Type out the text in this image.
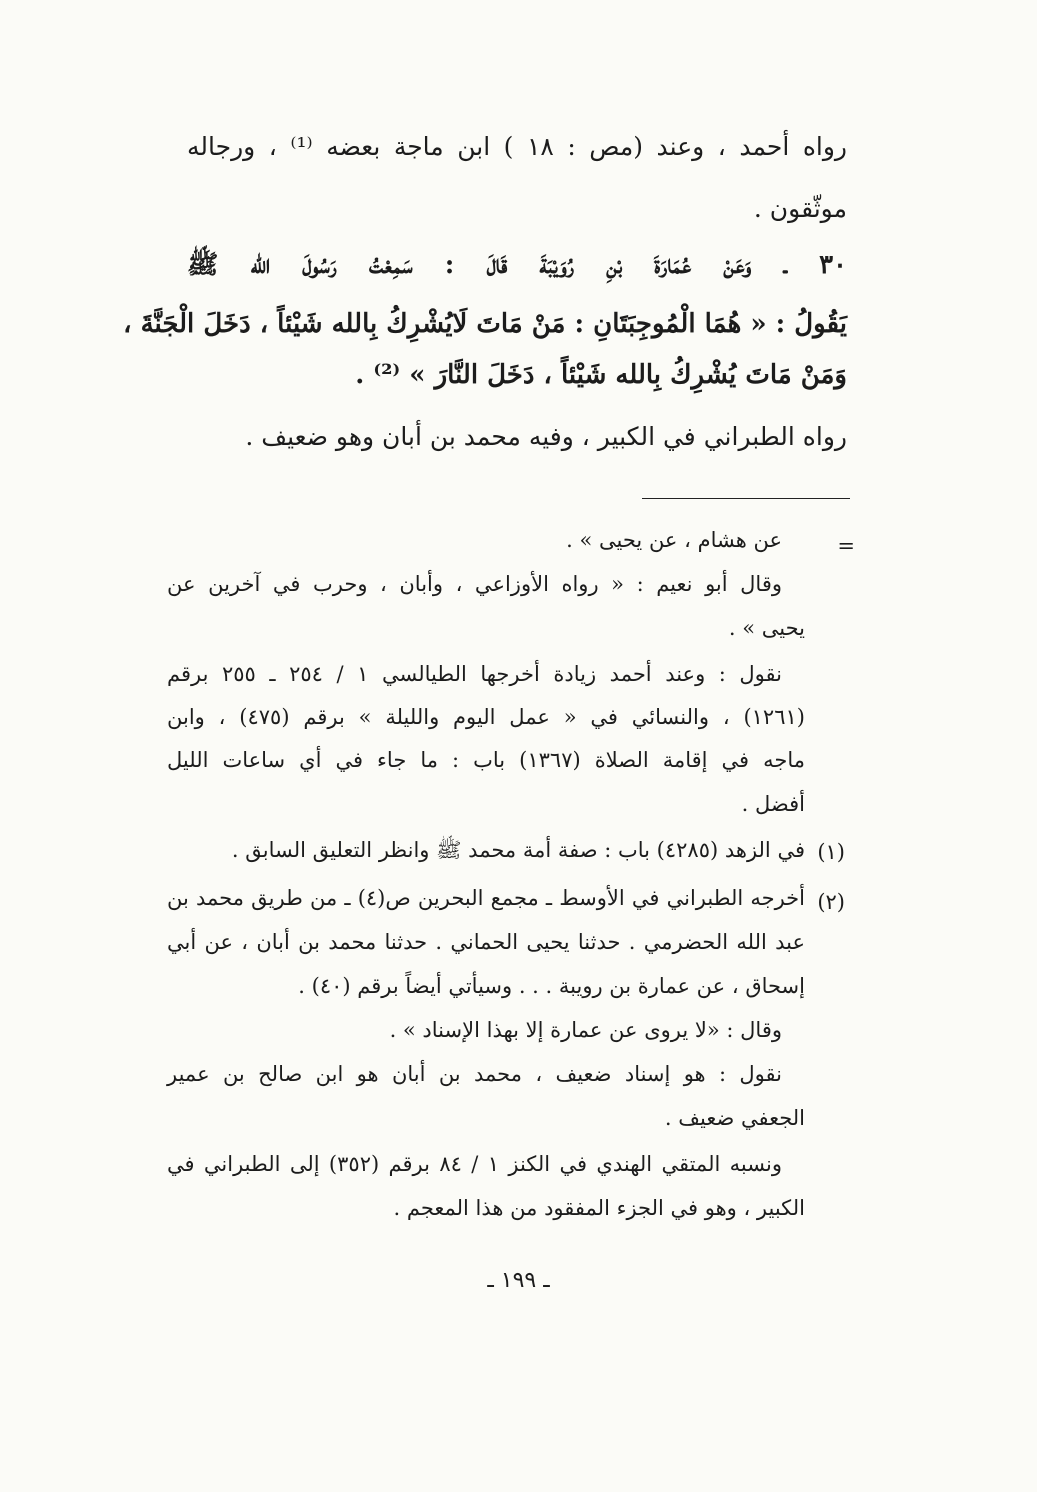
رواه أحمد ، وعند (مص : ١٨ ) ابن ماجة بعضه ⁽¹⁾ ، ورجاله

موثّقون .

٣٠ ـ وَعَنْ عُمَارَةَ بْنِ رُوَيْبَةَ قَالَ : سَمِعْتُ رَسُولَ الله ﷺ

يَقُولُ : « هُمَا الْمُوجِبَتَانِ : مَنْ مَاتَ لَايُشْرِكُ بِالله شَيْئاً ، دَخَلَ الْجَنَّةَ ،

وَمَنْ مَاتَ يُشْرِكُ بِالله شَيْئاً ، دَخَلَ النَّارَ » ⁽²⁾ .

رواه الطبراني في الكبير ، وفيه محمد بن أبان وهو ضعيف .

=

عن هشام ، عن يحيى » .

وقال أبو نعيم : « رواه الأوزاعي ، وأبان ، وحرب في آخرين عن

يحيى » .

نقول : وعند أحمد زيادة أخرجها الطيالسي ١ / ٢٥٤ ـ ٢٥٥ برقم

(١٢٦١) ، والنسائي في « عمل اليوم والليلة » برقم (٤٧٥) ، وابن

ماجه في إقامة الصلاة (١٣٦٧) باب : ما جاء في أي ساعات الليل

أفضل .

(١)

في الزهد (٤٢٨٥) باب : صفة أمة محمد ﷺ وانظر التعليق السابق .

(٢)

أخرجه الطبراني في الأوسط ـ مجمع البحرين ص(٤) ـ من طريق محمد بن

عبد الله الحضرمي . حدثنا يحيى الحماني . حدثنا محمد بن أبان ، عن أبي

إسحاق ، عن عمارة بن رويبة . . . وسيأتي أيضاً برقم (٤٠) .

وقال : «لا يروى عن عمارة إلا بهذا الإسناد » .

نقول : هو إسناد ضعيف ، محمد بن أبان هو ابن صالح بن عمير

الجعفي ضعيف .

ونسبه المتقي الهندي في الكنز ١ / ٨٤ برقم (٣٥٢) إلى الطبراني في

الكبير ، وهو في الجزء المفقود من هذا المعجم .

ـ ١٩٩ ـ
